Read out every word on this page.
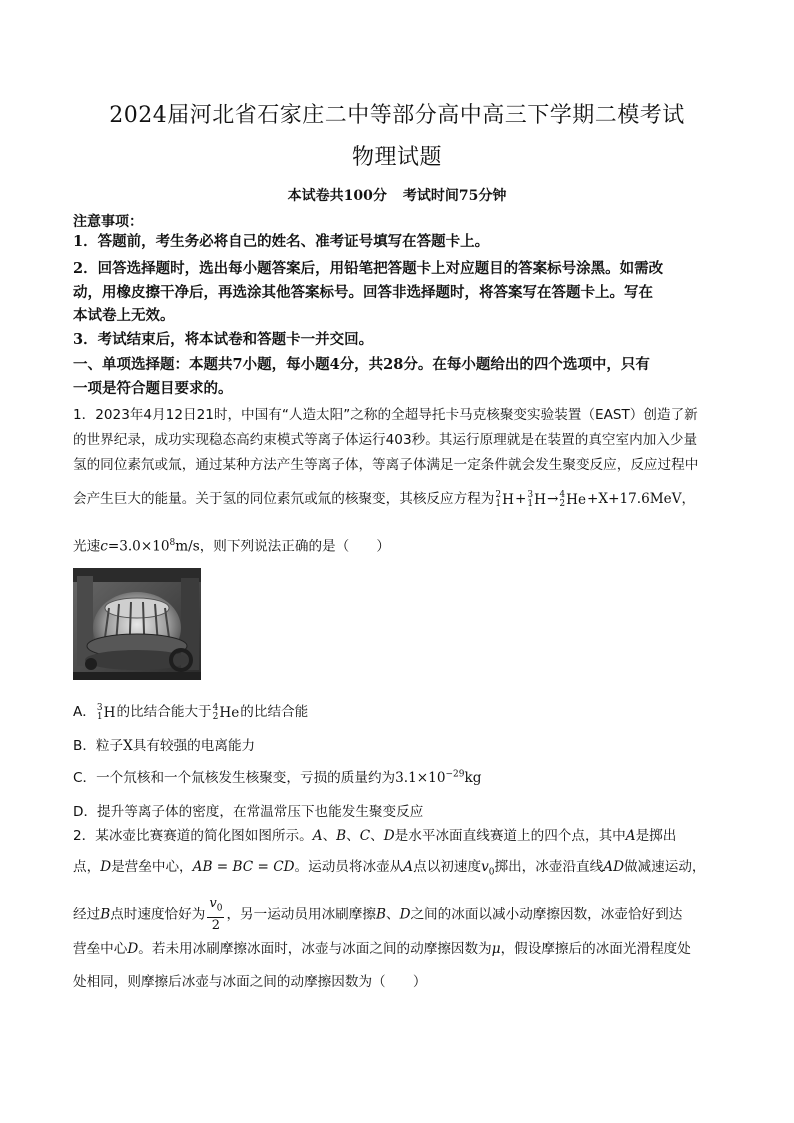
2024届河北省石家庄二中等部分高中高三下学期二模考试
物理试题
本试卷共100分 考试时间75分钟
注意事项：
1．答题前，考生务必将自己的姓名、准考证号填写在答题卡上。
2．回答选择题时，选出每小题答案后，用铅笔把答题卡上对应题目的答案标号涂黑。如需改
动，用橡皮擦干净后，再选涂其他答案标号。回答非选择题时，将答案写在答题卡上。写在
本试卷上无效。
3．考试结束后，将本试卷和答题卡一并交回。
一、单项选择题：本题共7小题，每小题4分，共28分。在每小题给出的四个选项中，只有
一项是符合题目要求的。
1．2023年4月12日21时，中国有“人造太阳”之称的全超导托卡马克核聚变实验装置（EAST）创造了新
的世界纪录，成功实现稳态高约束模式等离子体运行403秒。其运行原理就是在装置的真空室内加入少量
氢的同位素氘或氚，通过某种方法产生等离子体，等离子体满足一定条件就会发生聚变反应，反应过程中
会产生巨大的能量。关于氢的同位素氘或氚的核聚变，其核反应方程为 2
1 H+ 3
1 H→ 4
2 He+X+17.6MeV，
光速$c=3.0\times 10^8m/s$，则下列说法正确的是（　　）
A． 3
1 H的比结合能大于 4
2 He的比结合能
B．粒子X具有较强的电离能力
C．一个氘核和一个氚核发生核聚变，亏损的质量约为$3.1\times 10^{-29}kg$
D．提升等离子体的密度，在常温常压下也能发生聚变反应
2．某冰壶比赛赛道的简化图如图所示。A、B、C、D是水平冰面直线赛道上的四个点，其中A是掷出
点，D是营垒中心，AB = BC = CD。运动员将冰壶从A点以初速度$v_0$掷出，冰壶沿直线AD做减速运动，
经过B点时速度恰好为 $\frac{v_0}{2}$ ，另一运动员用冰刷摩擦B、D之间的冰面以减小动摩擦因数，冰壶恰好到达
营垒中心D。若未用冰刷摩擦冰面时，冰壶与冰面之间的动摩擦因数为μ，假设摩擦后的冰面光滑程度处
处相同，则摩擦后冰壶与冰面之间的动摩擦因数为（　　）
